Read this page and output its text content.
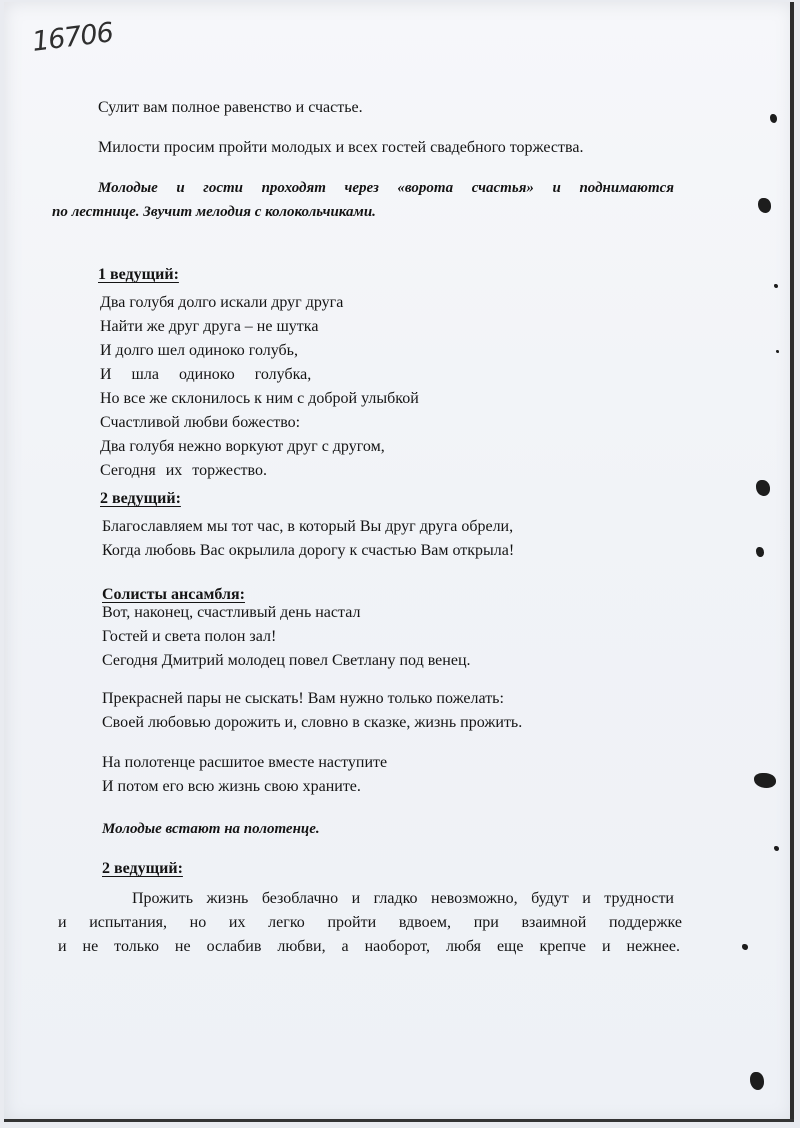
16706
Сулит вам полное равенство и счастье.
Милости просим пройти молодых и всех гостей свадебного торжества.
Молодые и гости проходят через «ворота счастья» и поднимаются
по лестнице. Звучит мелодия с колокольчиками.
1 ведущий:
Два голубя долго искали друг друга
Найти же друг друга – не шутка
И долго шел одиноко голубь,
И шла одиноко голубка,
Но все же склонилось к ним с доброй улыбкой
Счастливой любви божество:
Два голубя нежно воркуют друг с другом,
Сегодня их торжество.
2 ведущий:
Благославляем мы тот час, в который Вы друг друга обрели,
Когда любовь Вас окрылила дорогу к счастью Вам открыла!
Солисты ансамбля:
Вот, наконец, счастливый день настал
Гостей и света полон зал!
Сегодня Дмитрий молодец повел Светлану под венец.
Прекрасней пары не сыскать! Вам нужно только пожелать:
Своей любовью дорожить и, словно в сказке, жизнь прожить.
На полотенце расшитое вместе наступите
И потом его всю жизнь свою храните.
Молодые встают на полотенце.
2 ведущий:
Прожить жизнь безоблачно и гладко невозможно, будут и трудности
и испытания, но их легко пройти вдвоем, при взаимной поддержке
и не только не ослабив любви, а наоборот, любя еще крепче и нежнее.
